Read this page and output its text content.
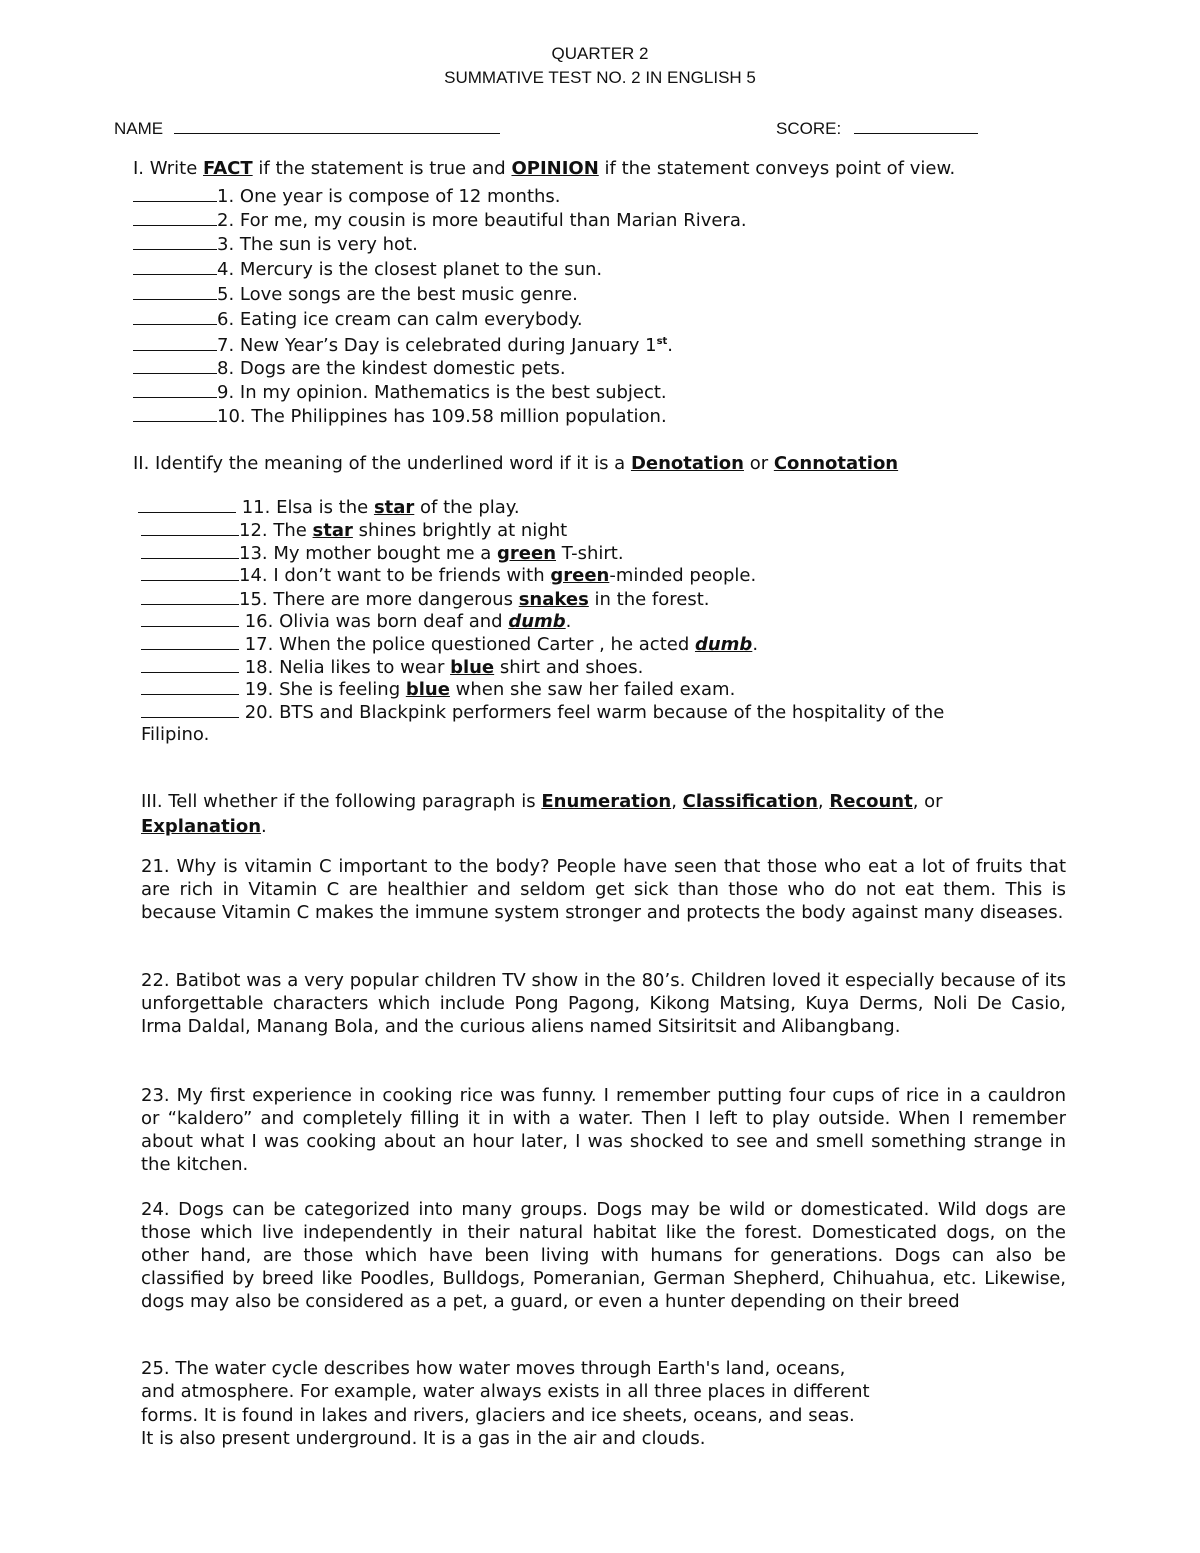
QUARTER 2
SUMMATIVE TEST NO. 2 IN ENGLISH 5
NAME	SCORE:
I. Write FACT if the statement is true and OPINION if the statement conveys point of view.
1. One year is compose of 12 months.
2. For me, my cousin is more beautiful than Marian Rivera.
3. The sun is very hot.
4. Mercury is the closest planet to the sun.
5. Love songs are the best music genre.
6. Eating ice cream can calm everybody.
7. New Year’s Day is celebrated during January 1st.
8. Dogs are the kindest domestic pets.
9. In my opinion. Mathematics is the best subject.
10. The Philippines has 109.58 million population.
II. Identify the meaning of the underlined word if it is a Denotation or Connotation
11. Elsa is the star of the play.
12. The star shines brightly at night
13. My mother bought me a green T-shirt.
14. I don’t want to be friends with green-minded people.
15. There are more dangerous snakes in the forest.
16. Olivia was born deaf and dumb.
17. When the police questioned Carter , he acted dumb.
18. Nelia likes to wear blue shirt and shoes.
19. She is feeling blue when she saw her failed exam.
20. BTS and Blackpink performers feel warm because of the hospitality of the
Filipino.
III. Tell whether if the following paragraph is Enumeration, Classification, Recount, or
Explanation.
21. Why is vitamin C important to the body? People have seen that those who eat a lot of fruits that are rich in Vitamin C are healthier and seldom get sick than those who do not eat them. This is because Vitamin C makes the immune system stronger and protects the body against many diseases.
22. Batibot was a very popular children TV show in the 80’s. Children loved it especially because of its unforgettable characters which include Pong Pagong, Kikong Matsing, Kuya Derms, Noli De Casio, Irma Daldal, Manang Bola, and the curious aliens named Sitsiritsit and Alibangbang.
23. My first experience in cooking rice was funny. I remember putting four cups of rice in a cauldron or “kaldero” and completely filling it in with a water. Then I left to play outside. When I remember about what I was cooking about an hour later, I was shocked to see and smell something strange in the kitchen.
24. Dogs can be categorized into many groups. Dogs may be wild or domesticated. Wild dogs are those which live independently in their natural habitat like the forest. Domesticated dogs, on the other hand, are those which have been living with humans for generations. Dogs can also be classified by breed like Poodles, Bulldogs, Pomeranian, German Shepherd, Chihuahua, etc. Likewise, dogs may also be considered as a pet, a guard, or even a hunter depending on their breed
25. The water cycle describes how water moves through Earth's land, oceans,
and atmosphere. For example, water always exists in all three places in different
forms. It is found in lakes and rivers, glaciers and ice sheets, oceans, and seas.
It is also present underground. It is a gas in the air and clouds.
